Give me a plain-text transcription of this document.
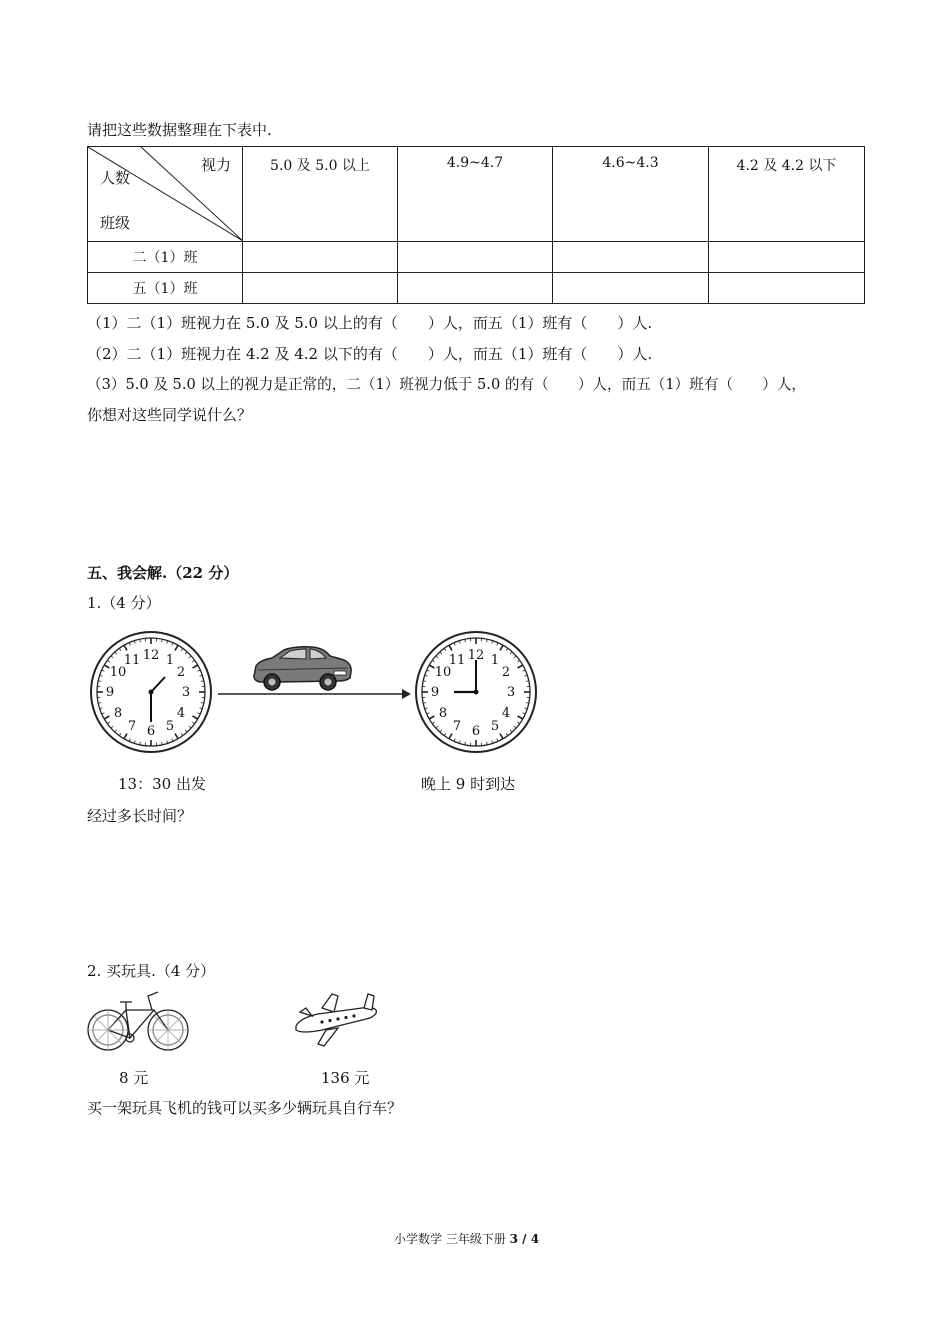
请把这些数据整理在下表中.
视力
人数
班级	5.0 及 5.0 以上	4.9~4.7	4.6~4.3	4.2 及 4.2 以下
二（1）班				
五（1）班				
（1）二（1）班视力在 5.0 及 5.0 以上的有（　　）人，而五（1）班有（　　）人.
（2）二（1）班视力在 4.2 及 4.2 以下的有（　　）人，而五（1）班有（　　）人.
（3）5.0 及 5.0 以上的视力是正常的，二（1）班视力低于 5.0 的有（　　）人，而五（1）班有（　　）人，
你想对这些同学说什么？
五、我会解.（22 分）
1.（4 分）
12 1
2
3
4
5
6
7
8
9
10
11	12 1
2
3
4
5
6
7
8
9
10
11
13：30 出发	晚上 9 时到达
经过多长时间？
2. 买玩具.（4 分）
8 元	136 元
买一架玩具飞机的钱可以买多少辆玩具自行车？
小学数学 三年级下册 3 / 4
